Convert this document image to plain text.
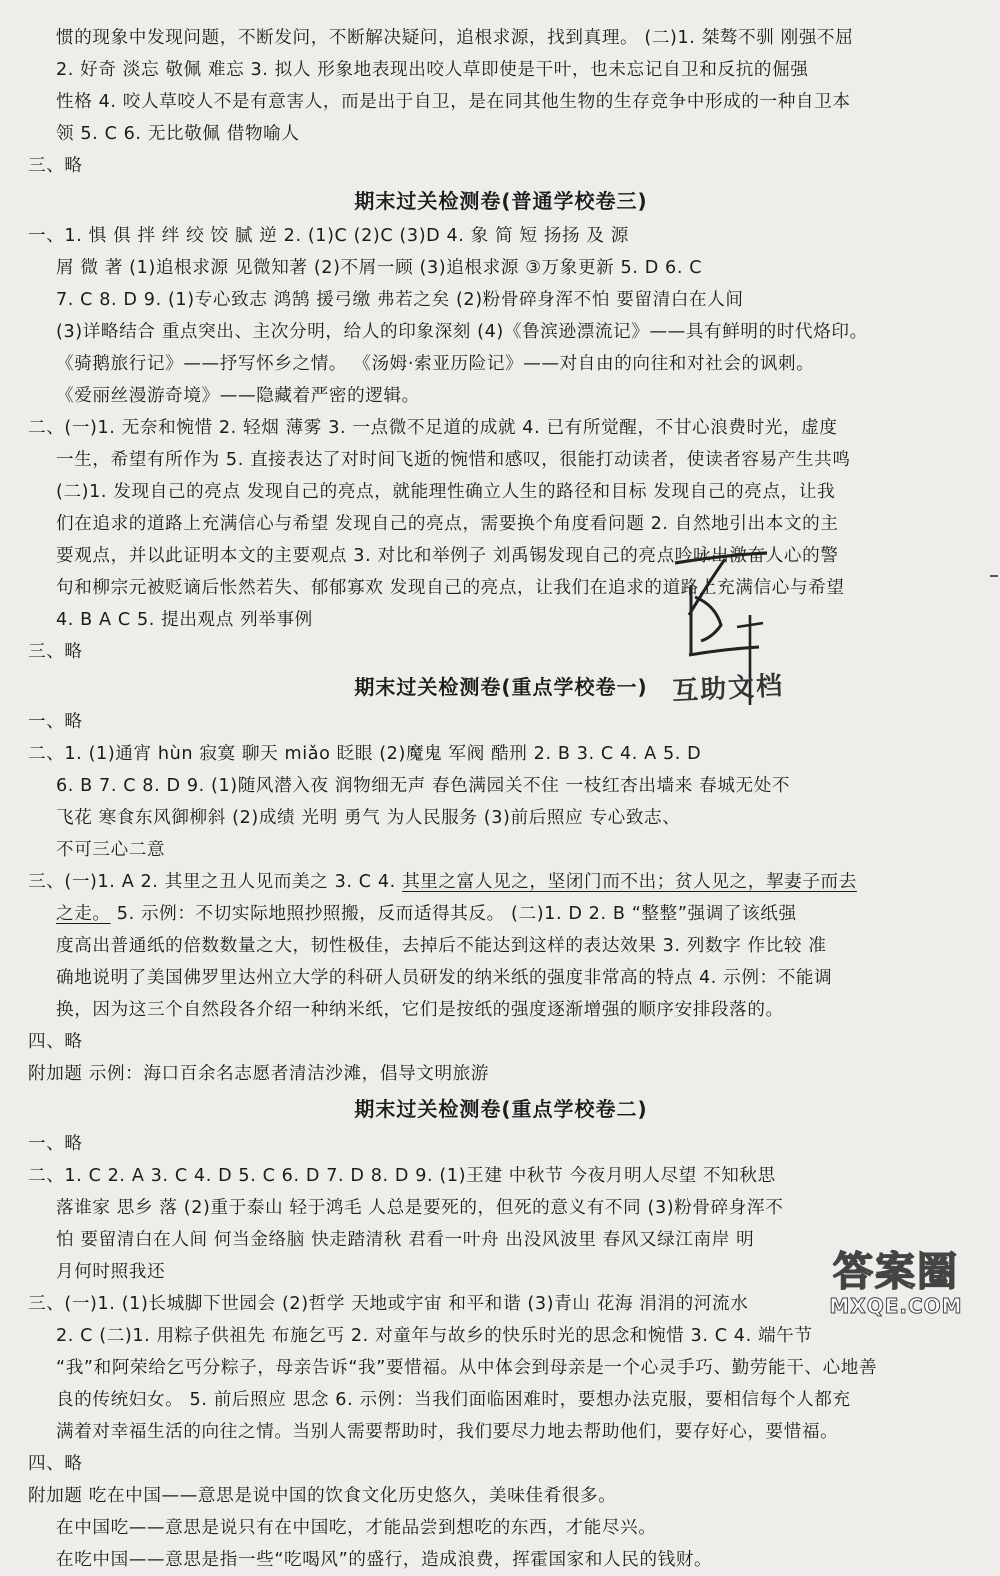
惯的现象中发现问题，不断发问，不断解决疑问，追根求源，找到真理。 (二)1. 桀骜不驯 刚强不屈
2. 好奇 淡忘 敬佩 难忘 3. 拟人 形象地表现出咬人草即使是干叶，也未忘记自卫和反抗的倔强
性格 4. 咬人草咬人不是有意害人，而是出于自卫，是在同其他生物的生存竞争中形成的一种自卫本
领 5. C 6. 无比敬佩 借物喻人
三、略
期末过关检测卷(普通学校卷三)
一、1. 惧 俱 拌 绊 绞 饺 腻 逆 2. (1)C (2)C (3)D 4. 象 简 短 扬扬 及 源
屑 微 著 (1)追根求源 见微知著 (2)不屑一顾 (3)追根求源 ③万象更新 5. D 6. C
7. C 8. D 9. (1)专心致志 鸿鹄 援弓缴 弗若之矣 (2)粉骨碎身浑不怕 要留清白在人间
(3)详略结合 重点突出、主次分明，给人的印象深刻 (4)《鲁滨逊漂流记》——具有鲜明的时代烙印。
《骑鹅旅行记》——抒写怀乡之情。 《汤姆·索亚历险记》——对自由的向往和对社会的讽刺。
《爱丽丝漫游奇境》——隐藏着严密的逻辑。
二、(一)1. 无奈和惋惜 2. 轻烟 薄雾 3. 一点微不足道的成就 4. 已有所觉醒，不甘心浪费时光，虚度
一生，希望有所作为 5. 直接表达了对时间飞逝的惋惜和感叹，很能打动读者，使读者容易产生共鸣
(二)1. 发现自己的亮点 发现自己的亮点，就能理性确立人生的路径和目标 发现自己的亮点，让我
们在追求的道路上充满信心与希望 发现自己的亮点，需要换个角度看问题 2. 自然地引出本文的主
要观点，并以此证明本文的主要观点 3. 对比和举例子 刘禹锡发现自己的亮点吟咏出激奋人心的警
句和柳宗元被贬谪后怅然若失、郁郁寡欢 发现自己的亮点，让我们在追求的道路上充满信心与希望
4. B A C 5. 提出观点 列举事例
三、略
期末过关检测卷(重点学校卷一)
一、略
二、1. (1)通宵 hùn 寂寞 聊天 miǎo 眨眼 (2)魔鬼 军阀 酷刑 2. B 3. C 4. A 5. D
6. B 7. C 8. D 9. (1)随风潜入夜 润物细无声 春色满园关不住 一枝红杏出墙来 春城无处不
飞花 寒食东风御柳斜 (2)成绩 光明 勇气 为人民服务 (3)前后照应 专心致志、
不可三心二意
三、(一)1. A 2. 其里之丑人见而美之 3. C 4. 其里之富人见之，坚闭门而不出；贫人见之，挈妻子而去
之走。 5. 示例：不切实际地照抄照搬，反而适得其反。 (二)1. D 2. B “整整”强调了该纸强
度高出普通纸的倍数数量之大，韧性极佳，去掉后不能达到这样的表达效果 3. 列数字 作比较 准
确地说明了美国佛罗里达州立大学的科研人员研发的纳米纸的强度非常高的特点 4. 示例：不能调
换，因为这三个自然段各介绍一种纳米纸，它们是按纸的强度逐渐增强的顺序安排段落的。
四、略
附加题 示例：海口百余名志愿者清洁沙滩，倡导文明旅游
期末过关检测卷(重点学校卷二)
一、略
二、1. C 2. A 3. C 4. D 5. C 6. D 7. D 8. D 9. (1)王建 中秋节 今夜月明人尽望 不知秋思
落谁家 思乡 落 (2)重于泰山 轻于鸿毛 人总是要死的，但死的意义有不同 (3)粉骨碎身浑不
怕 要留清白在人间 何当金络脑 快走踏清秋 君看一叶舟 出没风波里 春风又绿江南岸 明
月何时照我还
三、(一)1. (1)长城脚下世园会 (2)哲学 天地或宇宙 和平和谐 (3)青山 花海 涓涓的河流水
2. C (二)1. 用粽子供祖先 布施乞丐 2. 对童年与故乡的快乐时光的思念和惋惜 3. C 4. 端午节
“我”和阿荣给乞丐分粽子，母亲告诉“我”要惜福。从中体会到母亲是一个心灵手巧、勤劳能干、心地善
良的传统妇女。 5. 前后照应 思念 6. 示例：当我们面临困难时，要想办法克服，要相信每个人都充
满着对幸福生活的向往之情。当别人需要帮助时，我们要尽力地去帮助他们，要存好心，要惜福。
四、略
附加题 吃在中国——意思是说中国的饮食文化历史悠久，美味佳肴很多。
在中国吃——意思是说只有在中国吃，才能品尝到想吃的东西，才能尽兴。
在吃中国——意思是指一些“吃喝风”的盛行，造成浪费，挥霍国家和人民的钱财。
互助文档
答案圈
MXQE.COM
